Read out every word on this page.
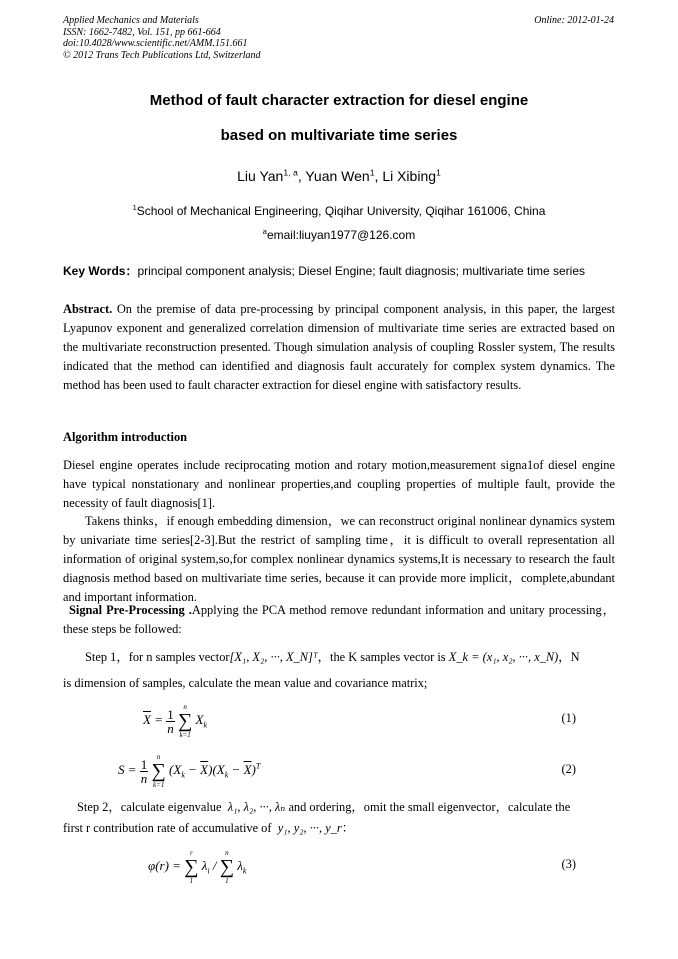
Applied Mechanics and Materials
ISSN: 1662-7482, Vol. 151, pp 661-664
doi:10.4028/www.scientific.net/AMM.151.661
© 2012 Trans Tech Publications Ltd, Switzerland
Online: 2012-01-24
Method of fault character extraction for diesel engine
based on multivariate time series
Liu Yan$^{1, a}$, Yuan Wen$^1$, Li Xibing$^1$
$^1$School of Mechanical Engineering, Qiqihar University, Qiqihar 161006, China
$^a$email:liuyan1977@126.com
Key Words：principal component analysis; Diesel Engine; fault diagnosis; multivariate time series
Abstract. On the premise of data pre-processing by principal component analysis, in this paper, the largest Lyapunov exponent and generalized correlation dimension of multivariate time series are extracted based on the multivariate reconstruction presented. Though simulation analysis of coupling Rossler system, The results indicated that the method can identified and diagnosis fault accurately for complex system dynamics. The method has been used to fault character extraction for diesel engine with satisfactory results.
Algorithm introduction
Diesel engine operates include reciprocating motion and rotary motion,measurement signa1of diesel engine have typical nonstationary and nonlinear properties,and coupling properties of multiple fault, provide the necessity of fault diagnosis[1].
Takens thinks，if enough embedding dimension，we can reconstruct original nonlinear dynamics system by univariate time series[2-3].But the restrict of sampling time，it is difficult to overall representation all information of original system,so,for complex nonlinear dynamics systems,It is necessary to research the fault diagnosis method based on multivariate time series, because it can provide more implicit，complete,abundant and important information.
Signal Pre-Processing .Applying the PCA method remove redundant information and unitary processing，these steps be followed:
Step 1，for n samples vector[X₁, X₂, ···, X_N]ᵀ，the K samples vector is X_k = (x₁, x₂, ···, x_N)，N
is dimension of samples, calculate the mean value and covariance matrix;
$\overline{X} = \frac{1}{n}$

n
∑
k=1
$X_k$
(1)
$S = \frac{1}{n}$

n
∑
k=1
$(X_k - \overline{X})(X_k - \overline{X})^T$	(2)
Step 2，calculate eigenvalue λ₁, λ₂, ···, λₙ and ordering，omit the small eigenvector，calculate the
first r contribution rate of accumulative of y₁, y₂, ···, y_r：
φ(r) =
r
∑
1
$\lambda_i$ /
n
∑
1
$\lambda_k$
(3)
